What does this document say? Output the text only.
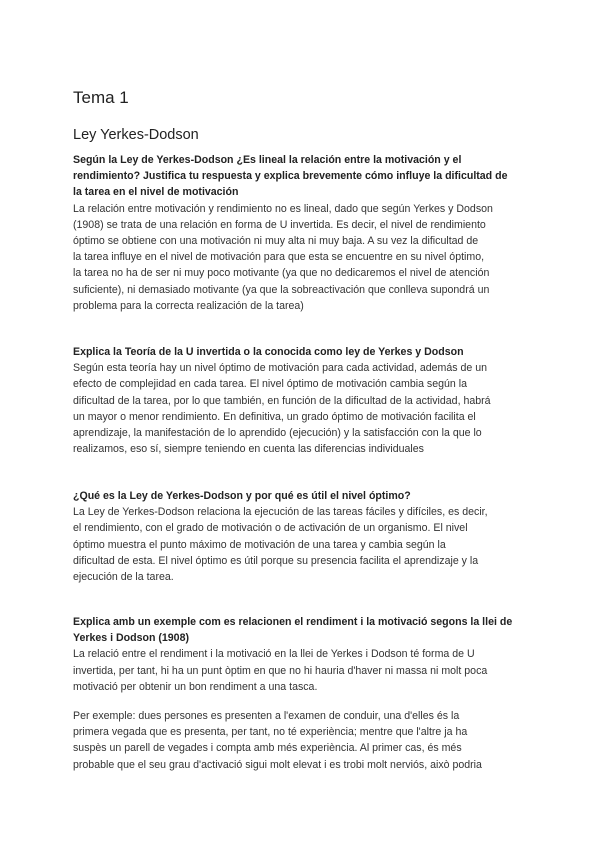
Tema 1
Ley Yerkes-Dodson

Según la Ley de Yerkes-Dodson ¿Es lineal la relación entre la motivación y el
rendimiento? Justifica tu respuesta y explica brevemente cómo influye la dificultad de
la tarea en el nivel de motivación

La relación entre motivación y rendimiento no es lineal, dado que según Yerkes y Dodson
(1908) se trata de una relación en forma de U invertida. Es decir, el nivel de rendimiento
óptimo se obtiene con una motivación ni muy alta ni muy baja. A su vez la dificultad de
la tarea influye en el nivel de motivación para que esta se encuentre en su nivel óptimo,
la tarea no ha de ser ni muy poco motivante (ya que no dedicaremos el nivel de atención
suficiente), ni demasiado motivante (ya que la sobreactivación que conlleva supondrá un
problema para la correcta realización de la tarea)

Explica la Teoría de la U invertida o la conocida como ley de Yerkes y Dodson

Según esta teoría hay un nivel óptimo de motivación para cada actividad, además de un
efecto de complejidad en cada tarea. El nivel óptimo de motivación cambia según la
dificultad de la tarea, por lo que también, en función de la dificultad de la actividad, habrá
un mayor o menor rendimiento. En definitiva, un grado óptimo de motivación facilita el
aprendizaje, la manifestación de lo aprendido (ejecución) y la satisfacción con la que lo
realizamos, eso sí, siempre teniendo en cuenta las diferencias individuales

¿Qué es la Ley de Yerkes-Dodson y por qué es útil el nivel óptimo?

La Ley de Yerkes-Dodson relaciona la ejecución de las tareas fáciles y difíciles, es decir,
el rendimiento, con el grado de motivación o de activación de un organismo. El nivel
óptimo muestra el punto máximo de motivación de una tarea y cambia según la
dificultad de esta. El nivel óptimo es útil porque su presencia facilita el aprendizaje y la
ejecución de la tarea.

Explica amb un exemple com es relacionen el rendiment i la motivació segons la llei de
Yerkes i Dodson (1908)

La relació entre el rendiment i la motivació en la llei de Yerkes i Dodson té forma de U
invertida, per tant, hi ha un punt òptim en que no hi hauria d'haver ni massa ni molt poca
motivació per obtenir un bon rendiment a una tasca.

Per exemple: dues persones es presenten a l'examen de conduir, una d'elles és la
primera vegada que es presenta, per tant, no té experiència; mentre que l'altre ja ha
suspès un parell de vegades i compta amb més experiència. Al primer cas, és més
probable que el seu grau d'activació sigui molt elevat i es trobi molt nerviós, això podria
